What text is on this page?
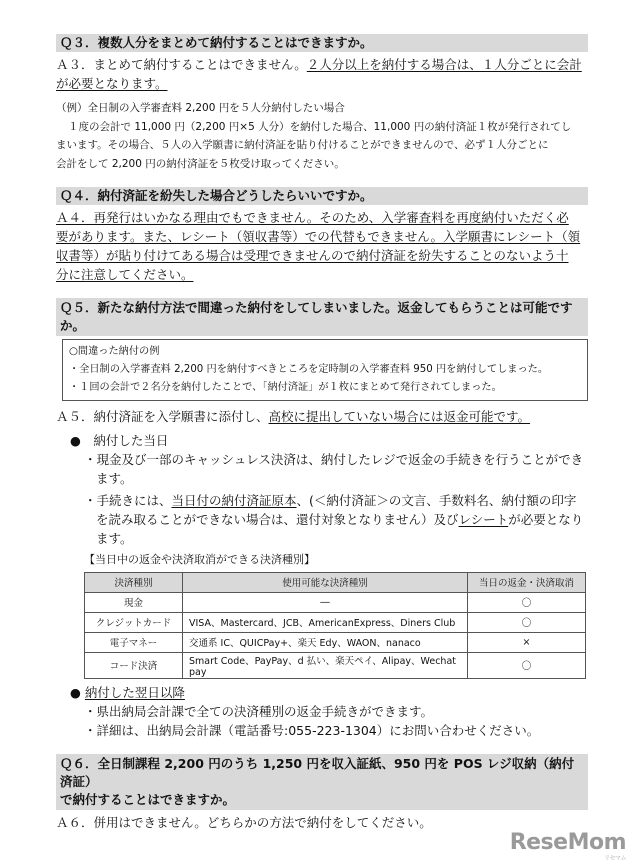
Ｑ３．複数人分をまとめて納付することはできますか。
Ａ３．まとめて納付することはできません。２人分以上を納付する場合は、１人分ごとに会計
が必要となります。
（例）全日制の入学審査料 2,200 円を５人分納付したい場合
１度の会計で 11,000 円（2,200 円×5 人分）を納付した場合、11,000 円の納付済証１枚が発行されてし
まいます。その場合、５人の入学願書に納付済証を貼り付けることができませんので、必ず１人分ごとに
会計をして 2,200 円の納付済証を５枚受け取ってください。
Ｑ４．納付済証を紛失した場合どうしたらいいですか。
Ａ４．再発行はいかなる理由でもできません。そのため、入学審査料を再度納付いただく必
要があります。また、レシート（領収書等）での代替もできません。入学願書にレシート（領
収書等）が貼り付けてある場合は受理できませんので納付済証を紛失することのないよう十
分に注意してください。
Ｑ５．新たな納付方法で間違った納付をしてしまいました。返金してもらうことは可能です
か。
○間違った納付の例
・全日制の入学審査料 2,200 円を納付すべきところを定時制の入学審査料 950 円を納付してしまった。
・１回の会計で２名分を納付したことで、「納付済証」が１枚にまとめて発行されてしまった。
Ａ５．納付済証を入学願書に添付し、高校に提出していない場合には返金可能です。
●　納付した当日
・現金及び一部のキャッシュレス決済は、納付したレジで返金の手続きを行うことができます。
・手続きには、当日付の納付済証原本、(＜納付済証＞の文言、手数料名、納付額の印字を読み取ることができない場合は、還付対象となりません）及びレシートが必要となります。
【当日中の返金や決済取消ができる決済種別】
決済種別	使用可能な決済種別	当日の返金・決済取消
現金	―	〇
クレジットカード	VISA、Mastercard、JCB、AmericanExpress、Diners Club	〇
電子マネー	交通系 IC、QUICPay+、楽天 Edy、WAON、nanaco	×
コード決済	Smart Code、PayPay、d 払い、楽天ペイ、Alipay、Wechat pay	〇
● 納付した翌日以降
・県出納局会計課で全ての決済種別の返金手続きができます。
・詳細は、出納局会計課（電話番号:055-223-1304）にお問い合わせください。
Ｑ６．全日制課程 2,200 円のうち 1,250 円を収入証紙、950 円を POS レジ収納（納付済証）
で納付することはできますか。
Ａ６．併用はできません。どちらかの方法で納付をしてください。
ReseMom
リセマム
